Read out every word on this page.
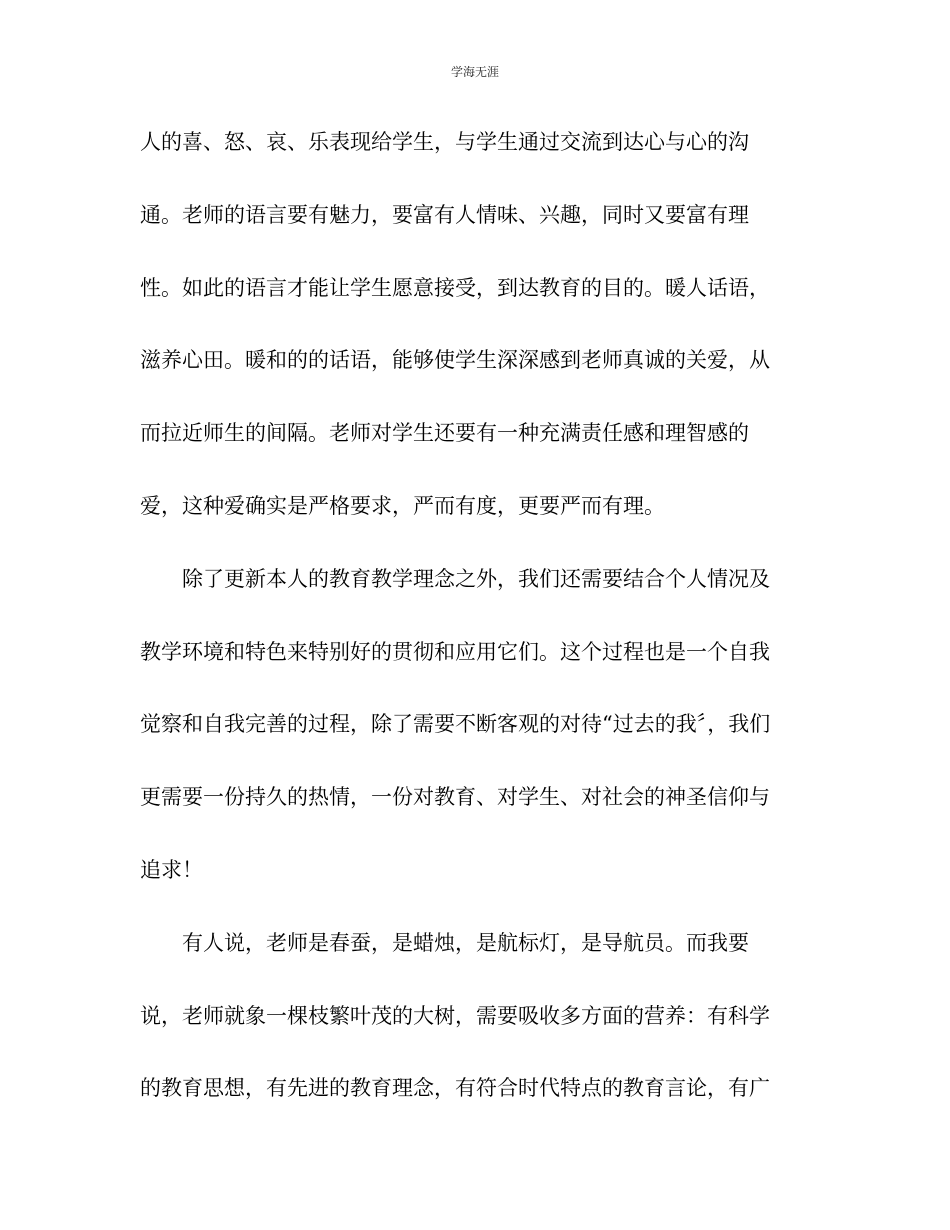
学海无涯
人的喜、怒、哀、乐表现给学生，与学生通过交流到达心与心的沟
通。老师的语言要有魅力，要富有人情味、兴趣，同时又要富有理
性。如此的语言才能让学生愿意接受，到达教育的目的。暖人话语，
滋养心田。暖和的的话语，能够使学生深深感到老师真诚的关爱，从
而拉近师生的间隔。老师对学生还要有一种充满责任感和理智感的
爱，这种爱确实是严格要求，严而有度，更要严而有理。
除了更新本人的教育教学理念之外，我们还需要结合个人情况及
教学环境和特色来特别好的贯彻和应用它们。这个过程也是一个自我
觉察和自我完善的过程，除了需要不断客观的对待“过去的我〞，我们
更需要一份持久的热情，一份对教育、对学生、对社会的神圣信仰与
追求！
有人说，老师是春蚕，是蜡烛，是航标灯，是导航员。而我要
说，老师就象一棵枝繁叶茂的大树，需要吸收多方面的营养：有科学
的教育思想，有先进的教育理念，有符合时代特点的教育言论，有广
